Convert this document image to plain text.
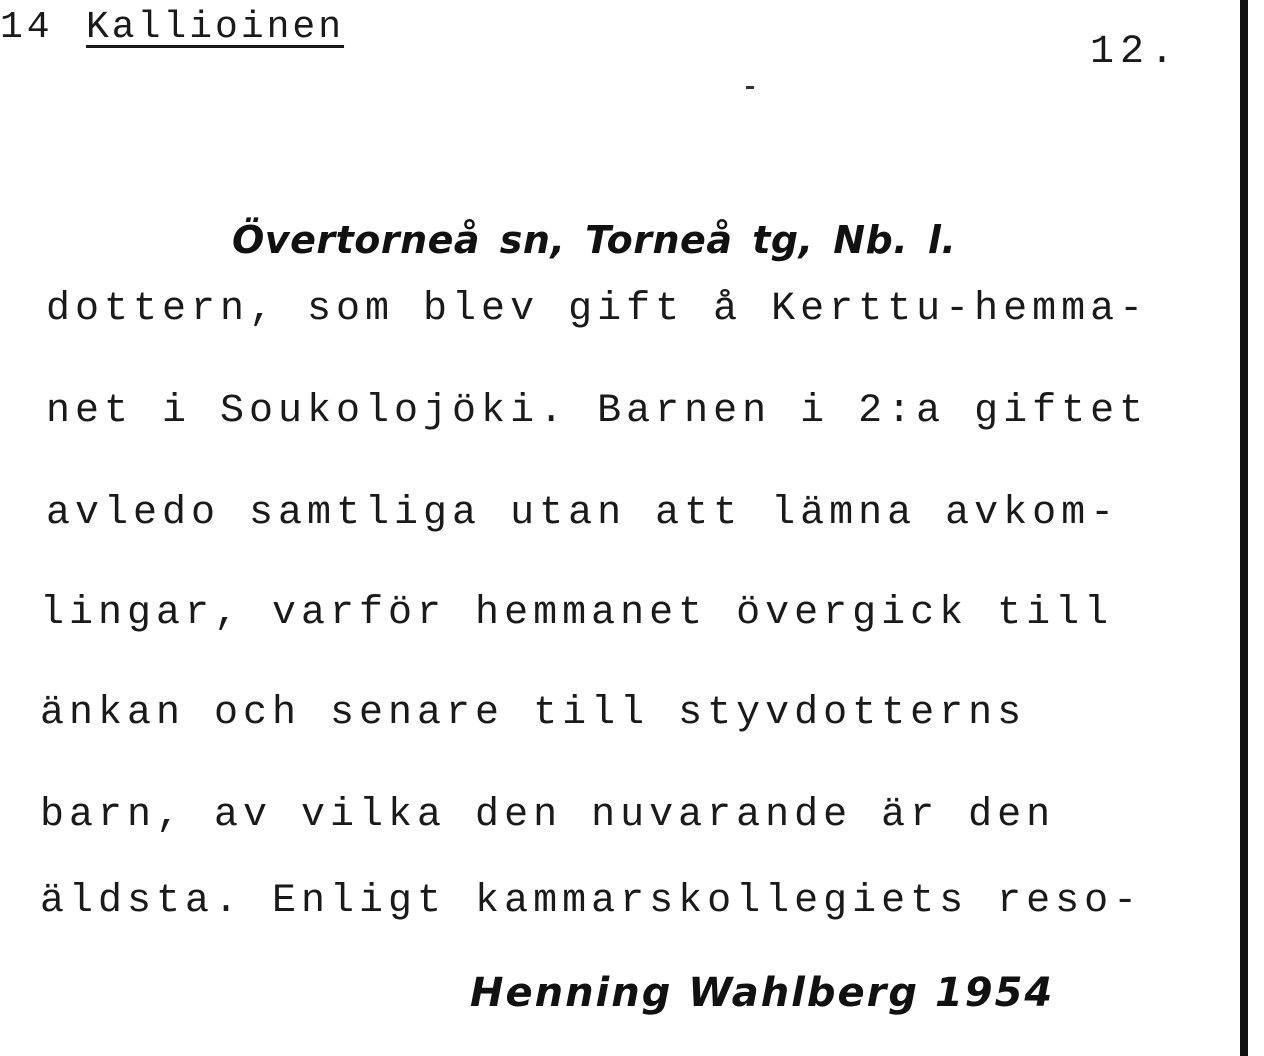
14 Kallioinen
12.
Övertorneå sn, Torneå tg, Nb. l.
dottern, som blev gift å Kerttu-hemma-
net i Soukolojöki. Barnen i 2:a giftet
avledo samtliga utan att lämna avkom-
lingar, varför hemmanet övergick till
änkan och senare till styvdotterns
barn, av vilka den nuvarande är den
äldsta. Enligt kammarskollegiets reso-
Henning Wahlberg 1954
